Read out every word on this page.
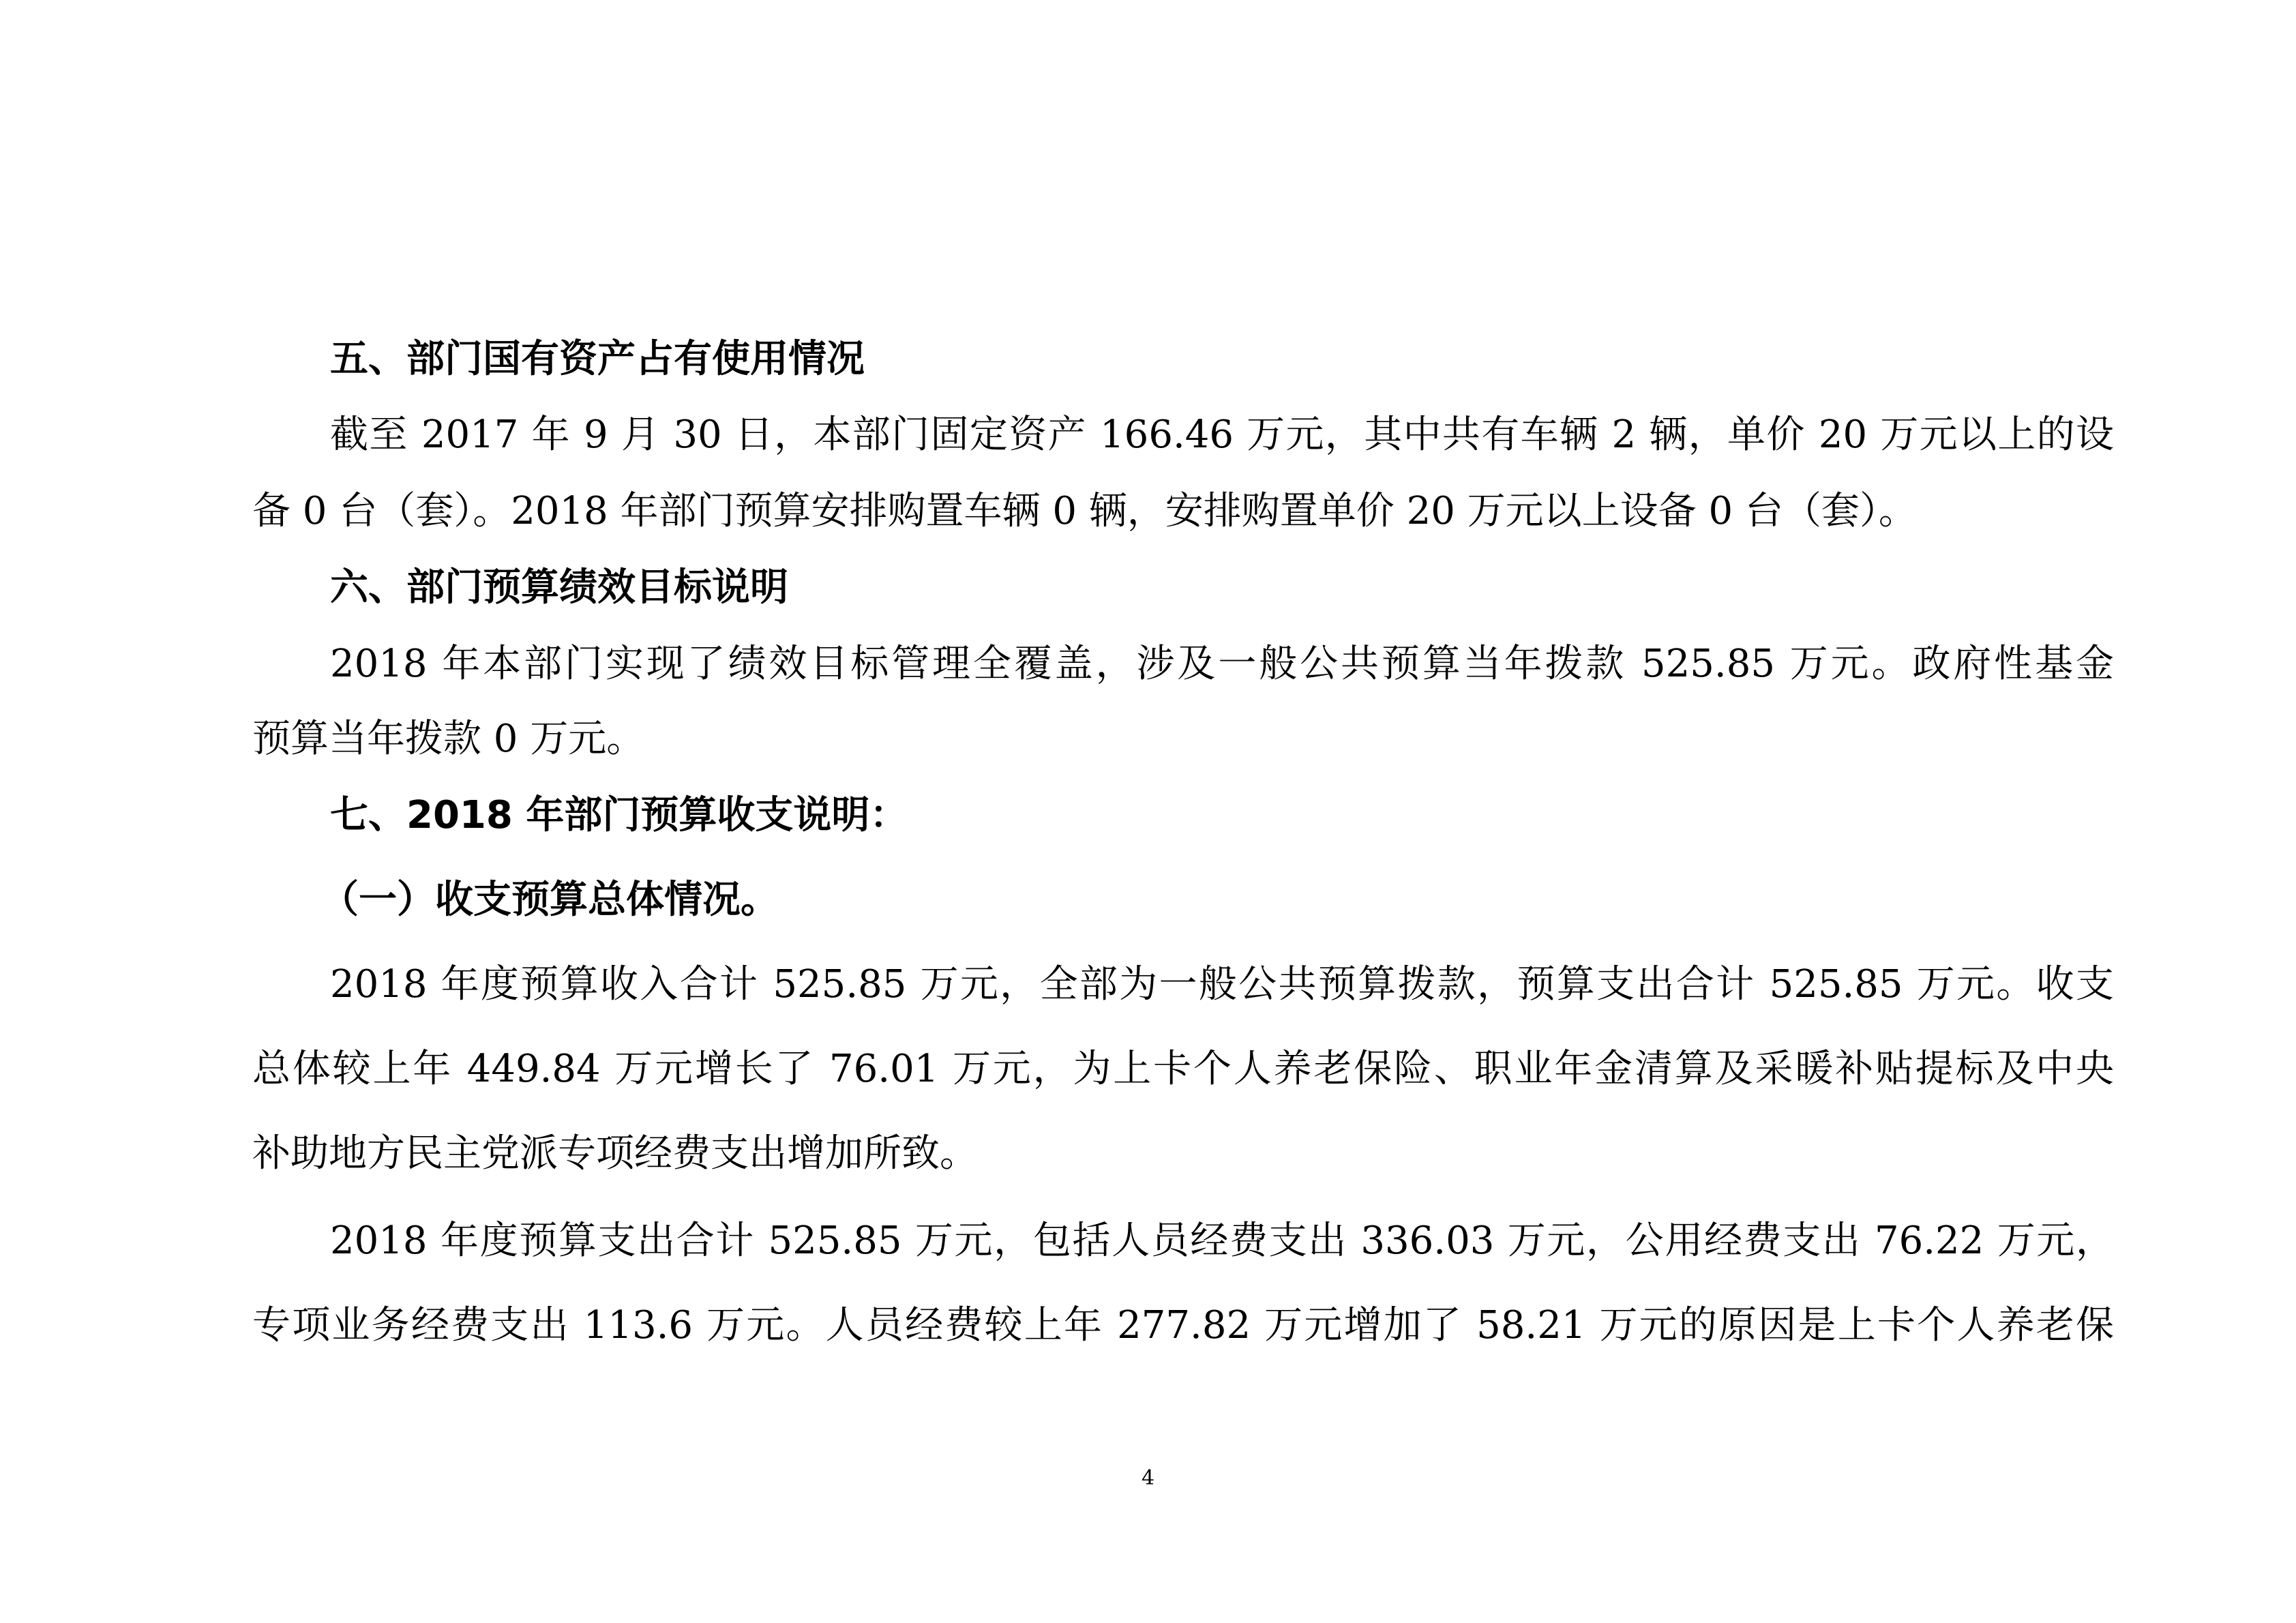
五、部门国有资产占有使用情况
截至 2017 年 9 月 30 日，本部门固定资产 166.46 万元，其中共有车辆 2 辆，单价 20 万元以上的设
备 0 台（套）。2018 年部门预算安排购置车辆 0 辆，安排购置单价 20 万元以上设备 0 台（套）。
六、部门预算绩效目标说明
2018 年本部门实现了绩效目标管理全覆盖，涉及一般公共预算当年拨款 525.85 万元。政府性基金
预算当年拨款 0 万元。
七、2018 年部门预算收支说明：
（一）收支预算总体情况。
2018 年度预算收入合计 525.85 万元，全部为一般公共预算拨款，预算支出合计 525.85 万元。收支
总体较上年 449.84 万元增长了 76.01 万元，为上卡个人养老保险、职业年金清算及采暖补贴提标及中央
补助地方民主党派专项经费支出增加所致。
2018 年度预算支出合计 525.85 万元，包括人员经费支出 336.03 万元，公用经费支出 76.22 万元，
专项业务经费支出 113.6 万元。人员经费较上年 277.82 万元增加了 58.21 万元的原因是上卡个人养老保
4
